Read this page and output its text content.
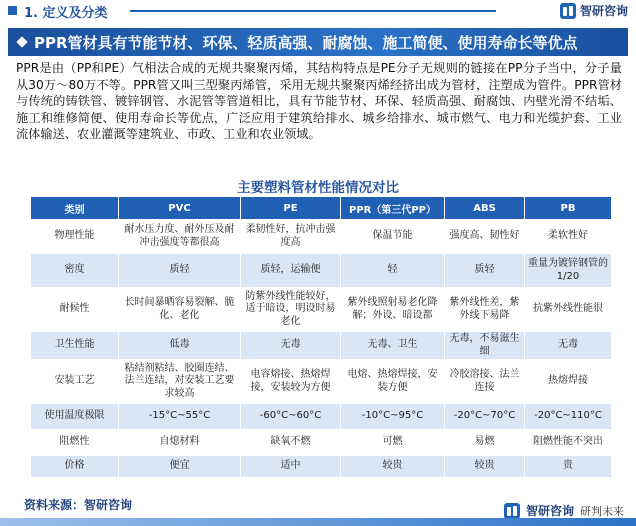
1. 定义及分类	智研咨询
PPR管材具有节能节材、环保、轻质高强、耐腐蚀、施工简便、使用寿命长等优点
PPR是由（PP和PE）气相法合成的无规共聚聚丙烯，其结构特点是PE分子无规则的链接在PP分子当中，分子量从30万～80万不等。PPR管又叫三型聚丙烯管，采用无规共聚聚丙烯经挤出成为管材，注塑成为管件。PPR管材与传统的铸铁管、镀锌钢管、水泥管等管道相比，具有节能节材、环保、轻质高强、耐腐蚀、内壁光滑不结垢、施工和维修简便、使用寿命长等优点，广泛应用于建筑给排水、城乡给排水、城市燃气、电力和光缆护套、工业流体输送、农业灌溉等建筑业、市政、工业和农业领域。
主要塑料管材性能情况对比
类别	PVC	PE	PPR（第三代PP）	ABS	PB
物理性能	耐水压力度、耐外压及耐冲击强度等都很高	柔韧性好，抗冲击强度高	保温节能	强度高、韧性好	柔软性好
密度	质轻	质轻，运输便	轻	质轻	重量为镀锌钢管的1/20
耐候性	长时间暴晒容易裂解、脆化、老化	防紫外线性能较好，适于暗设，明设时易老化	紫外线照射易老化降解；外设、暗设都	紫外线性差，紫外线下易降	抗紫外线性能很
卫生性能	低毒	无毒	无毒、卫生	无毒，不易滋生细	无毒
安装工艺	粘结剂粘结、胶圈连结、法兰连结，对安装工艺要求较高	电容熔接、热熔焊接，安装较为方便	电熔、热熔焊接，安装方便	冷胶溶接、法兰连接	热熔焊接
使用温度极限	-15°C~55°C	-60°C~60°C	-10°C~95°C	-20°C~70°C	-20°C~110°C
阻燃性	自熄材料	缺氧不燃	可燃	易燃	阻燃性能不突出
价格	便宜	适中	较贵	较贵	贵
资料来源：智研咨询	智研咨询 研判未来
